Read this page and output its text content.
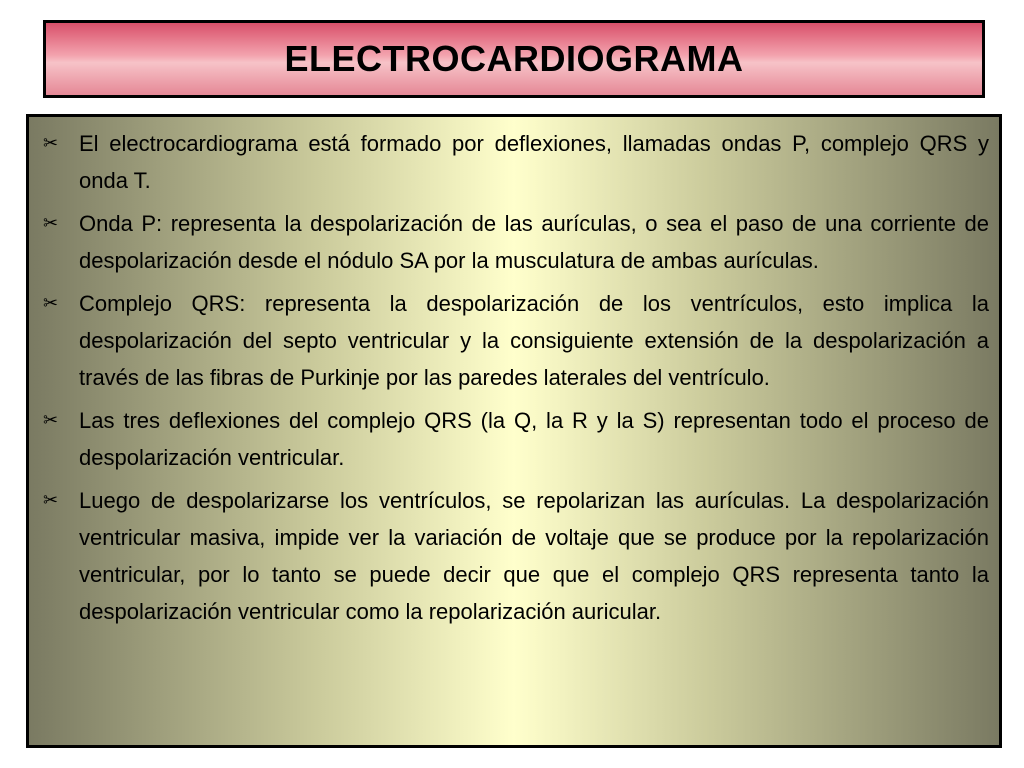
ELECTROCARDIOGRAMA
✂ El electrocardiograma está formado por deflexiones, llamadas ondas P, complejo QRS y onda T.
✂ Onda P: representa la despolarización de las aurículas, o sea el paso de una corriente de despolarización desde el nódulo SA por la musculatura de ambas aurículas.
✂ Complejo QRS: representa la despolarización de los ventrículos, esto implica la despolarización del septo ventricular y la consiguiente extensión de la despolarización a través de las fibras de Purkinje por las paredes laterales del ventrículo.
✂ Las tres deflexiones del complejo QRS (la Q, la R y la S) representan todo el proceso de despolarización ventricular.
✂ Luego de despolarizarse los ventrículos, se repolarizan las aurículas. La despolarización ventricular masiva, impide ver la variación de voltaje que se produce por la repolarización ventricular, por lo tanto se puede decir que que el complejo QRS representa tanto la despolarización ventricular como la repolarización auricular.
